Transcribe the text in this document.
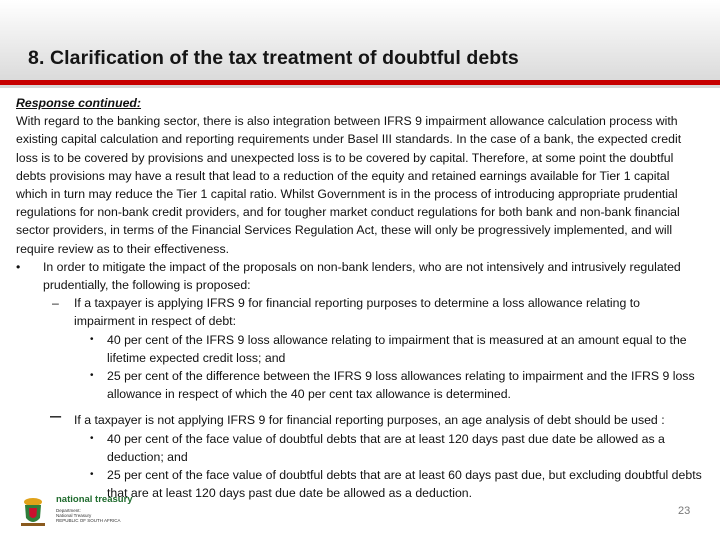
8. Clarification of the tax treatment of doubtful debts

Response continued:

With regard to the banking sector, there is also integration between IFRS 9 impairment allowance calculation process with existing capital calculation and reporting requirements under Basel III standards. In the case of a bank, the expected credit loss is to be covered by provisions and unexpected loss is to be covered by capital. Therefore, at some point the doubtful debts provisions may have a result that lead to a reduction of the equity and retained earnings available for Tier 1 capital which in turn may reduce the Tier 1 capital ratio. Whilst Government is in the process of introducing appropriate prudential regulations for non-bank credit providers, and for tougher market conduct regulations for both bank and non-bank financial sector providers, in terms of the Financial Services Regulation Act, these will only be progressively implemented, and will require review as to their effectiveness.

• In order to mitigate the impact of the proposals on non-bank lenders, who are not intensively and intrusively regulated prudentially, the following is proposed:
– If a taxpayer is applying IFRS 9 for financial reporting purposes to determine a loss allowance relating to impairment in respect of debt:
• 40 per cent of the IFRS 9 loss allowance relating to impairment that is measured at an amount equal to the lifetime expected credit loss; and
• 25 per cent of the difference between the IFRS 9 loss allowances relating to impairment and the IFRS 9 loss allowance in respect of which the 40 per cent tax allowance is determined.
– If a taxpayer is not applying IFRS 9 for financial reporting purposes, an age analysis of debt should be used :
• 40 per cent of the face value of doubtful debts that are at least 120 days past due date be allowed as a deduction; and
• 25 per cent of the face value of doubtful debts that are at least 60 days past due, but excluding doubtful debts that are at least 120 days past due date be allowed as a deduction.
national treasury
Department:
National Treasury
REPUBLIC OF SOUTH AFRICA
23
